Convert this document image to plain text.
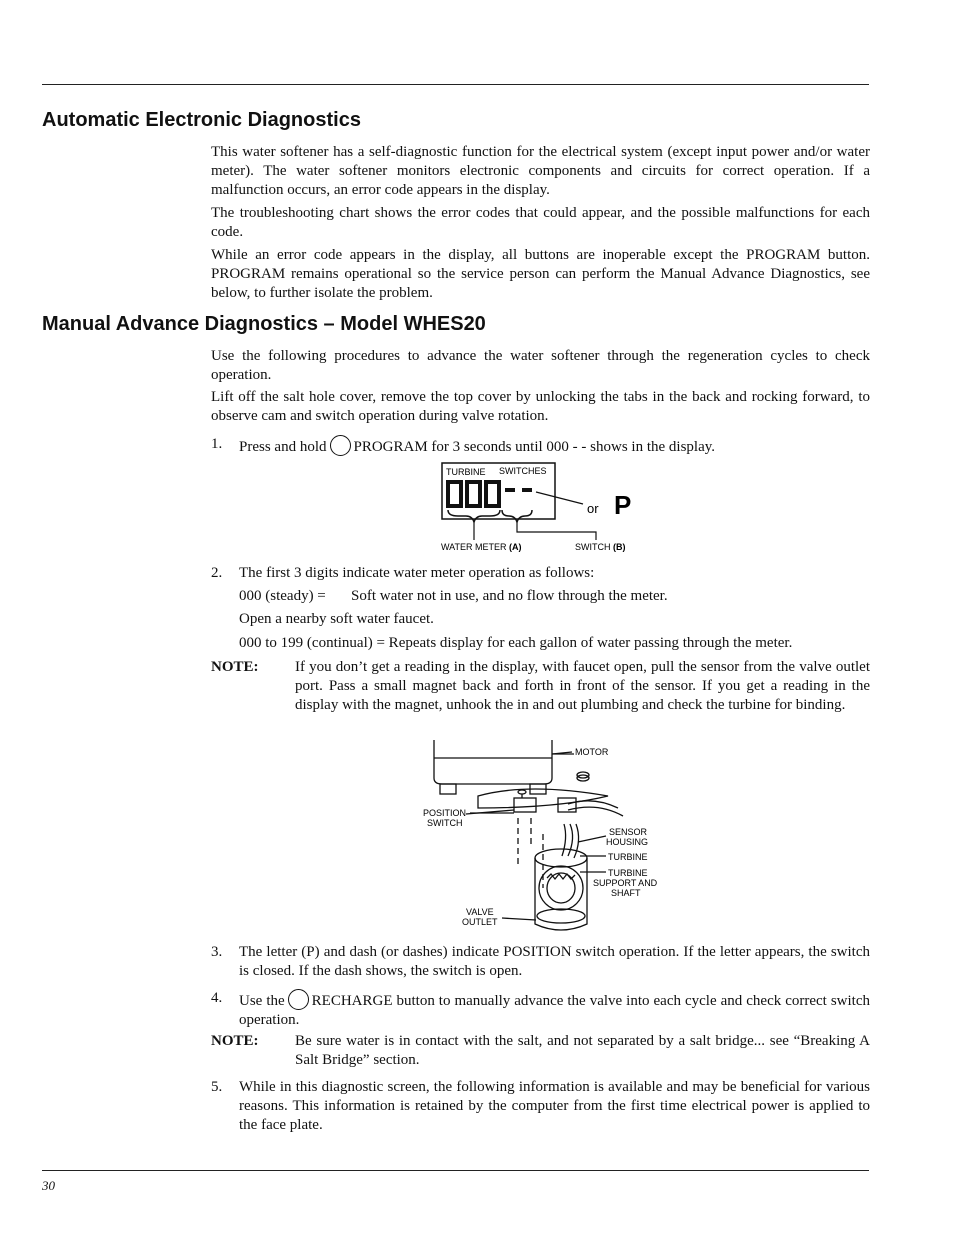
Automatic Electronic Diagnostics

This water softener has a self-diagnostic function for the electrical system (except input power and/or water meter). The water softener monitors electronic components and circuits for correct operation. If a malfunction occurs, an error code appears in the display.

The troubleshooting chart shows the error codes that could appear, and the possible malfunctions for each code.

While an error code appears in the display, all buttons are inoperable except the PROGRAM button. PROGRAM remains operational so the service person can perform the Manual Advance Diagnostics, see below, to further isolate the problem.

Manual Advance Diagnostics – Model WHES20

Use the following procedures to advance the water softener through the regeneration cycles to check operation.

Lift off the salt hole cover, remove the top cover by unlocking the tabs in the back and rocking forward, to observe cam and switch operation during valve rotation.

1. Press and hold PROGRAM for 3 seconds until 000 - - shows in the display.
TURBINE SWITCHES
or P
WATER METER (A)	SWITCH (B)
2. The first 3 digits indicate water meter operation as follows:
000 (steady) = Soft water not in use, and no flow through the meter.
Open a nearby soft water faucet.
000 to 199 (continual) = Repeats display for each gallon of water passing through the meter.
NOTE: If you don’t get a reading in the display, with faucet open, pull the sensor from the valve outlet port. Pass a small magnet back and forth in front of the sensor. If you get a reading in the display with the magnet, unhook the in and out plumbing and check the turbine for binding.
MOTOR
POSITION
SWITCH
SENSOR
HOUSING
TURBINE
TURBINE
SUPPORT AND
SHAFT
VALVE
OUTLET
3. The letter (P) and dash (or dashes) indicate POSITION switch operation. If the letter appears, the switch is closed. If the dash shows, the switch is open.
4. Use the RECHARGE button to manually advance the valve into each cycle and check correct switch operation.
NOTE: Be sure water is in contact with the salt, and not separated by a salt bridge... see “Breaking A Salt Bridge” section.
5. While in this diagnostic screen, the following information is available and may be beneficial for various reasons. This information is retained by the computer from the first time electrical power is applied to the face plate.
30
